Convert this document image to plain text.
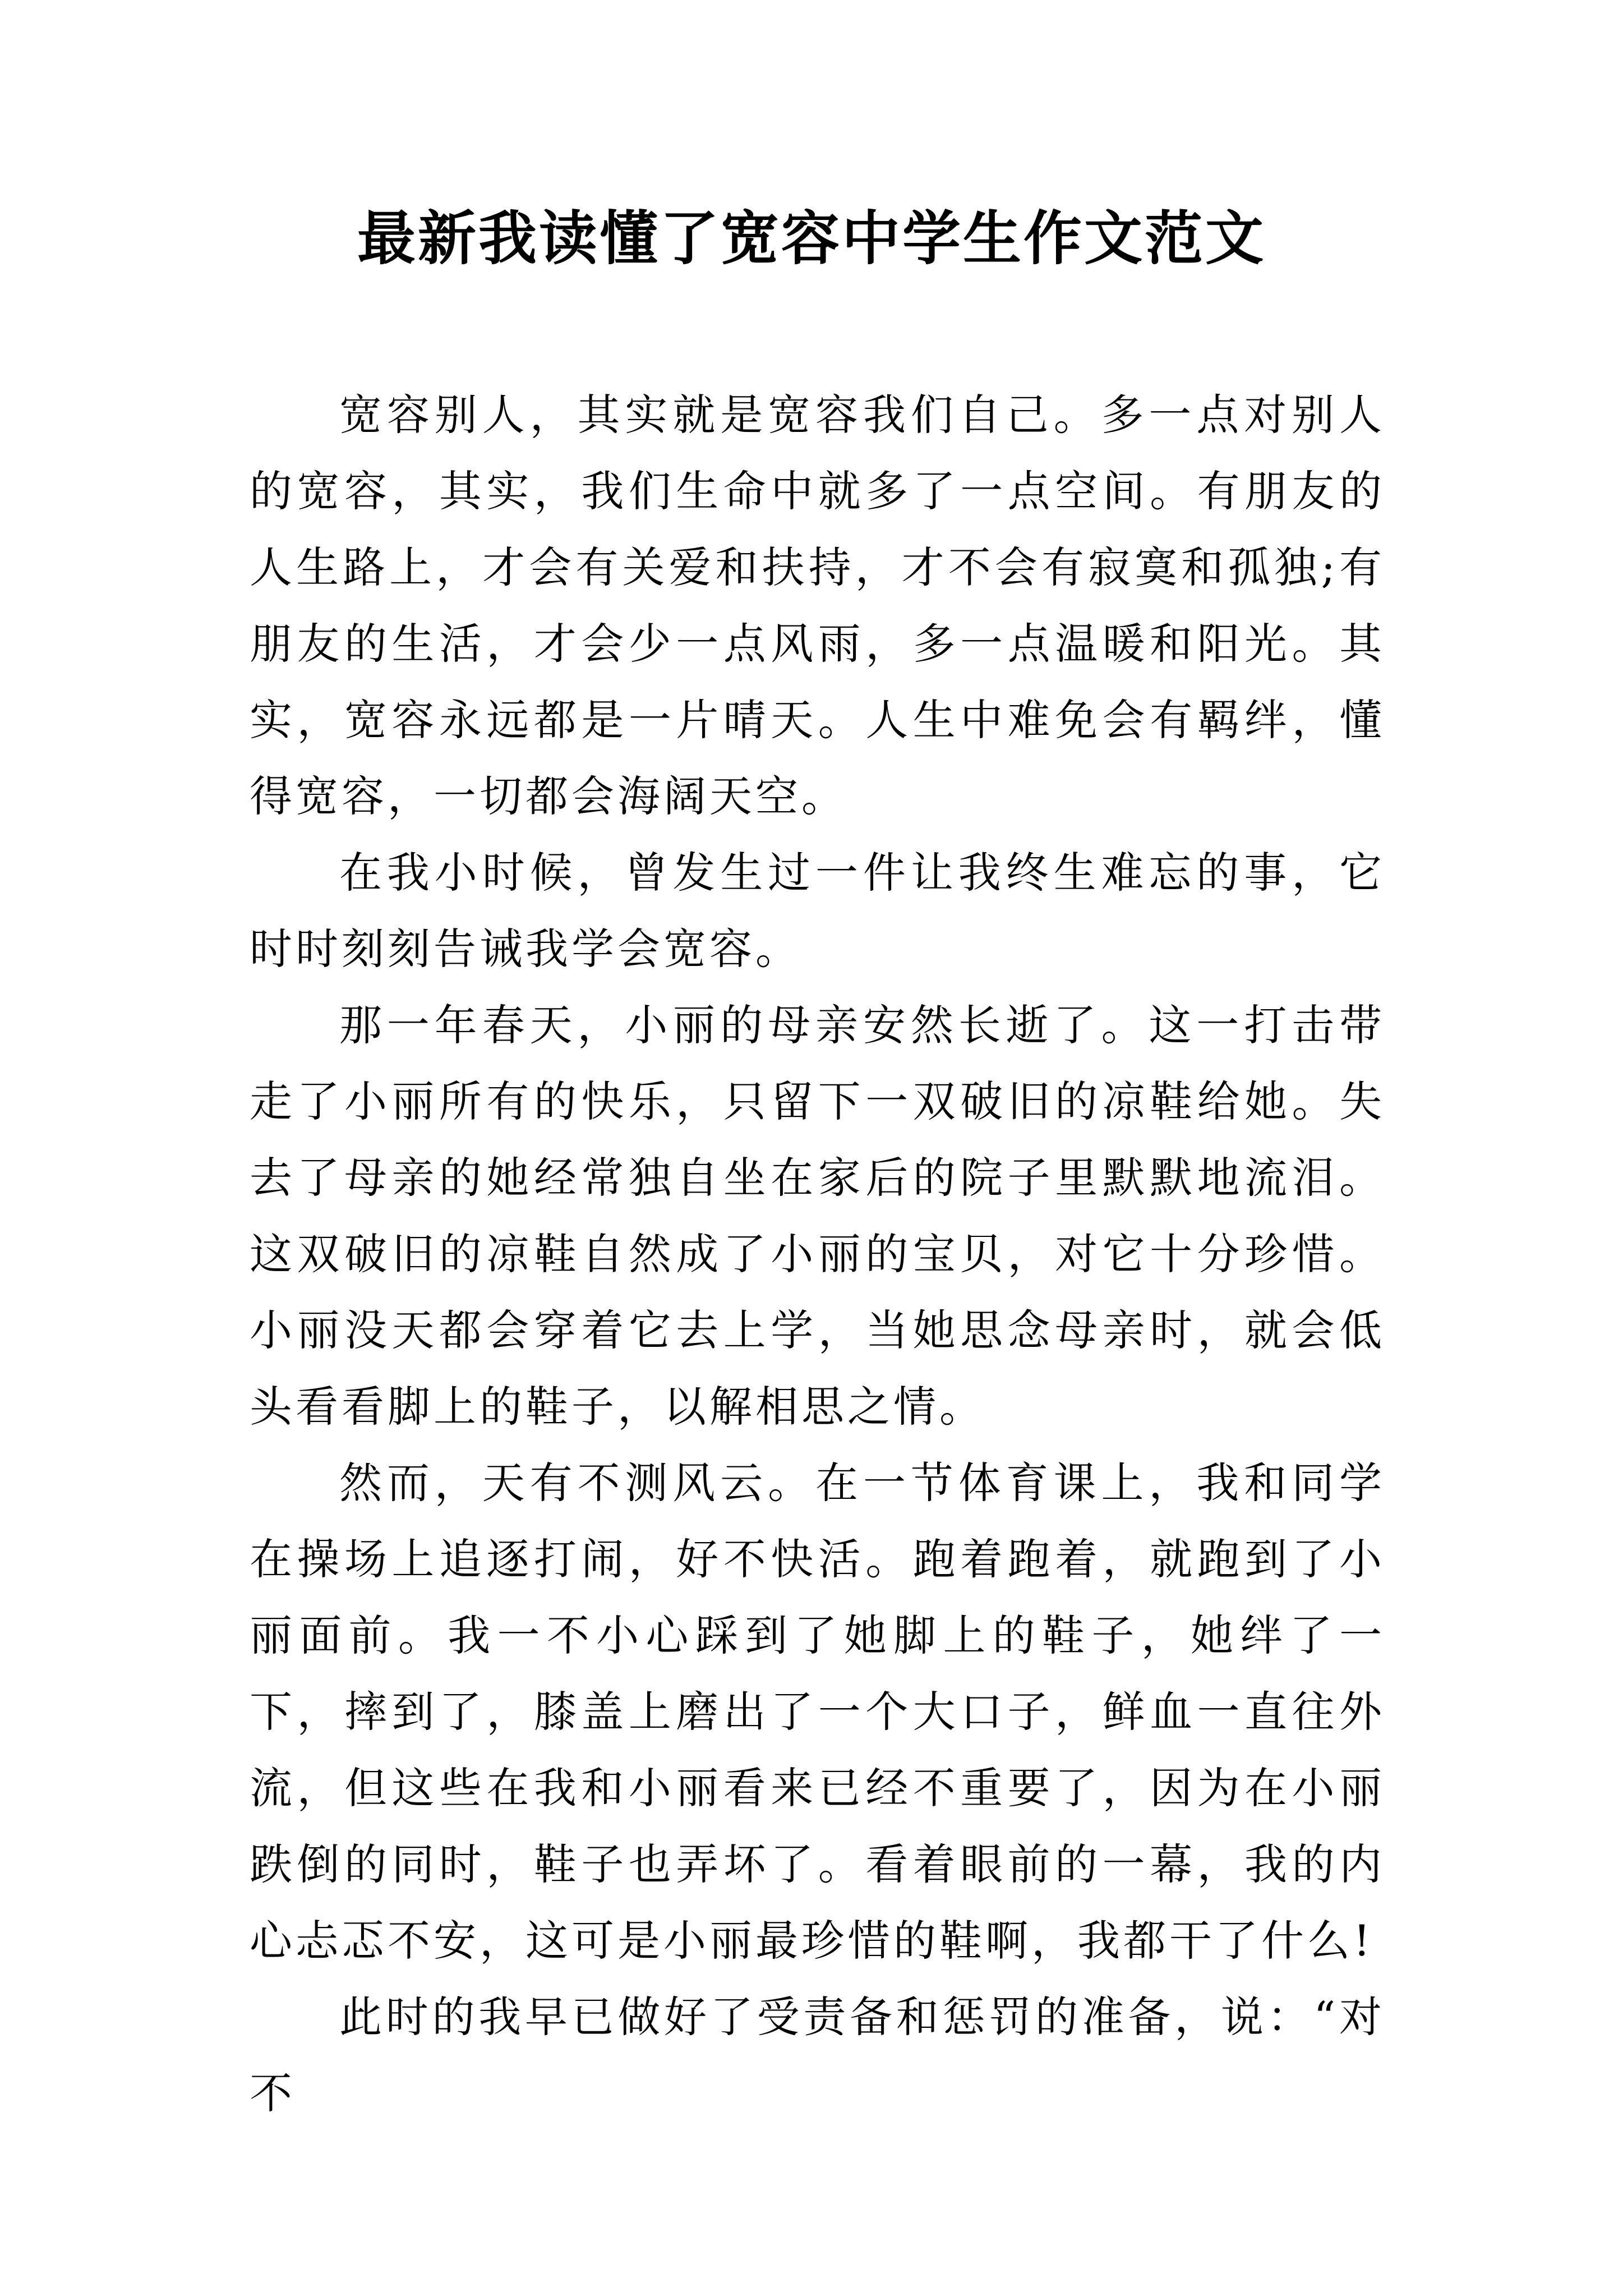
最新我读懂了宽容中学生作文范文

宽容别人，其实就是宽容我们自己。多一点对别人的宽容，其实，我们生命中就多了一点空间。有朋友的人生路上，才会有关爱和扶持，才不会有寂寞和孤独;有朋友的生活，才会少一点风雨，多一点温暖和阳光。其实，宽容永远都是一片晴天。人生中难免会有羁绊，懂得宽容，一切都会海阔天空。

在我小时候，曾发生过一件让我终生难忘的事，它时时刻刻告诫我学会宽容。

那一年春天，小丽的母亲安然长逝了。这一打击带走了小丽所有的快乐，只留下一双破旧的凉鞋给她。失去了母亲的她经常独自坐在家后的院子里默默地流泪。这双破旧的凉鞋自然成了小丽的宝贝，对它十分珍惜。小丽没天都会穿着它去上学，当她思念母亲时，就会低头看看脚上的鞋子，以解相思之情。

然而，天有不测风云。在一节体育课上，我和同学在操场上追逐打闹，好不快活。跑着跑着，就跑到了小丽面前。我一不小心踩到了她脚上的鞋子，她绊了一下，摔到了，膝盖上磨出了一个大口子，鲜血一直往外流，但这些在我和小丽看来已经不重要了，因为在小丽跌倒的同时，鞋子也弄坏了。看着眼前的一幕，我的内心忐忑不安，这可是小丽最珍惜的鞋啊，我都干了什么!

此时的我早已做好了受责备和惩罚的准备，说：“对不
